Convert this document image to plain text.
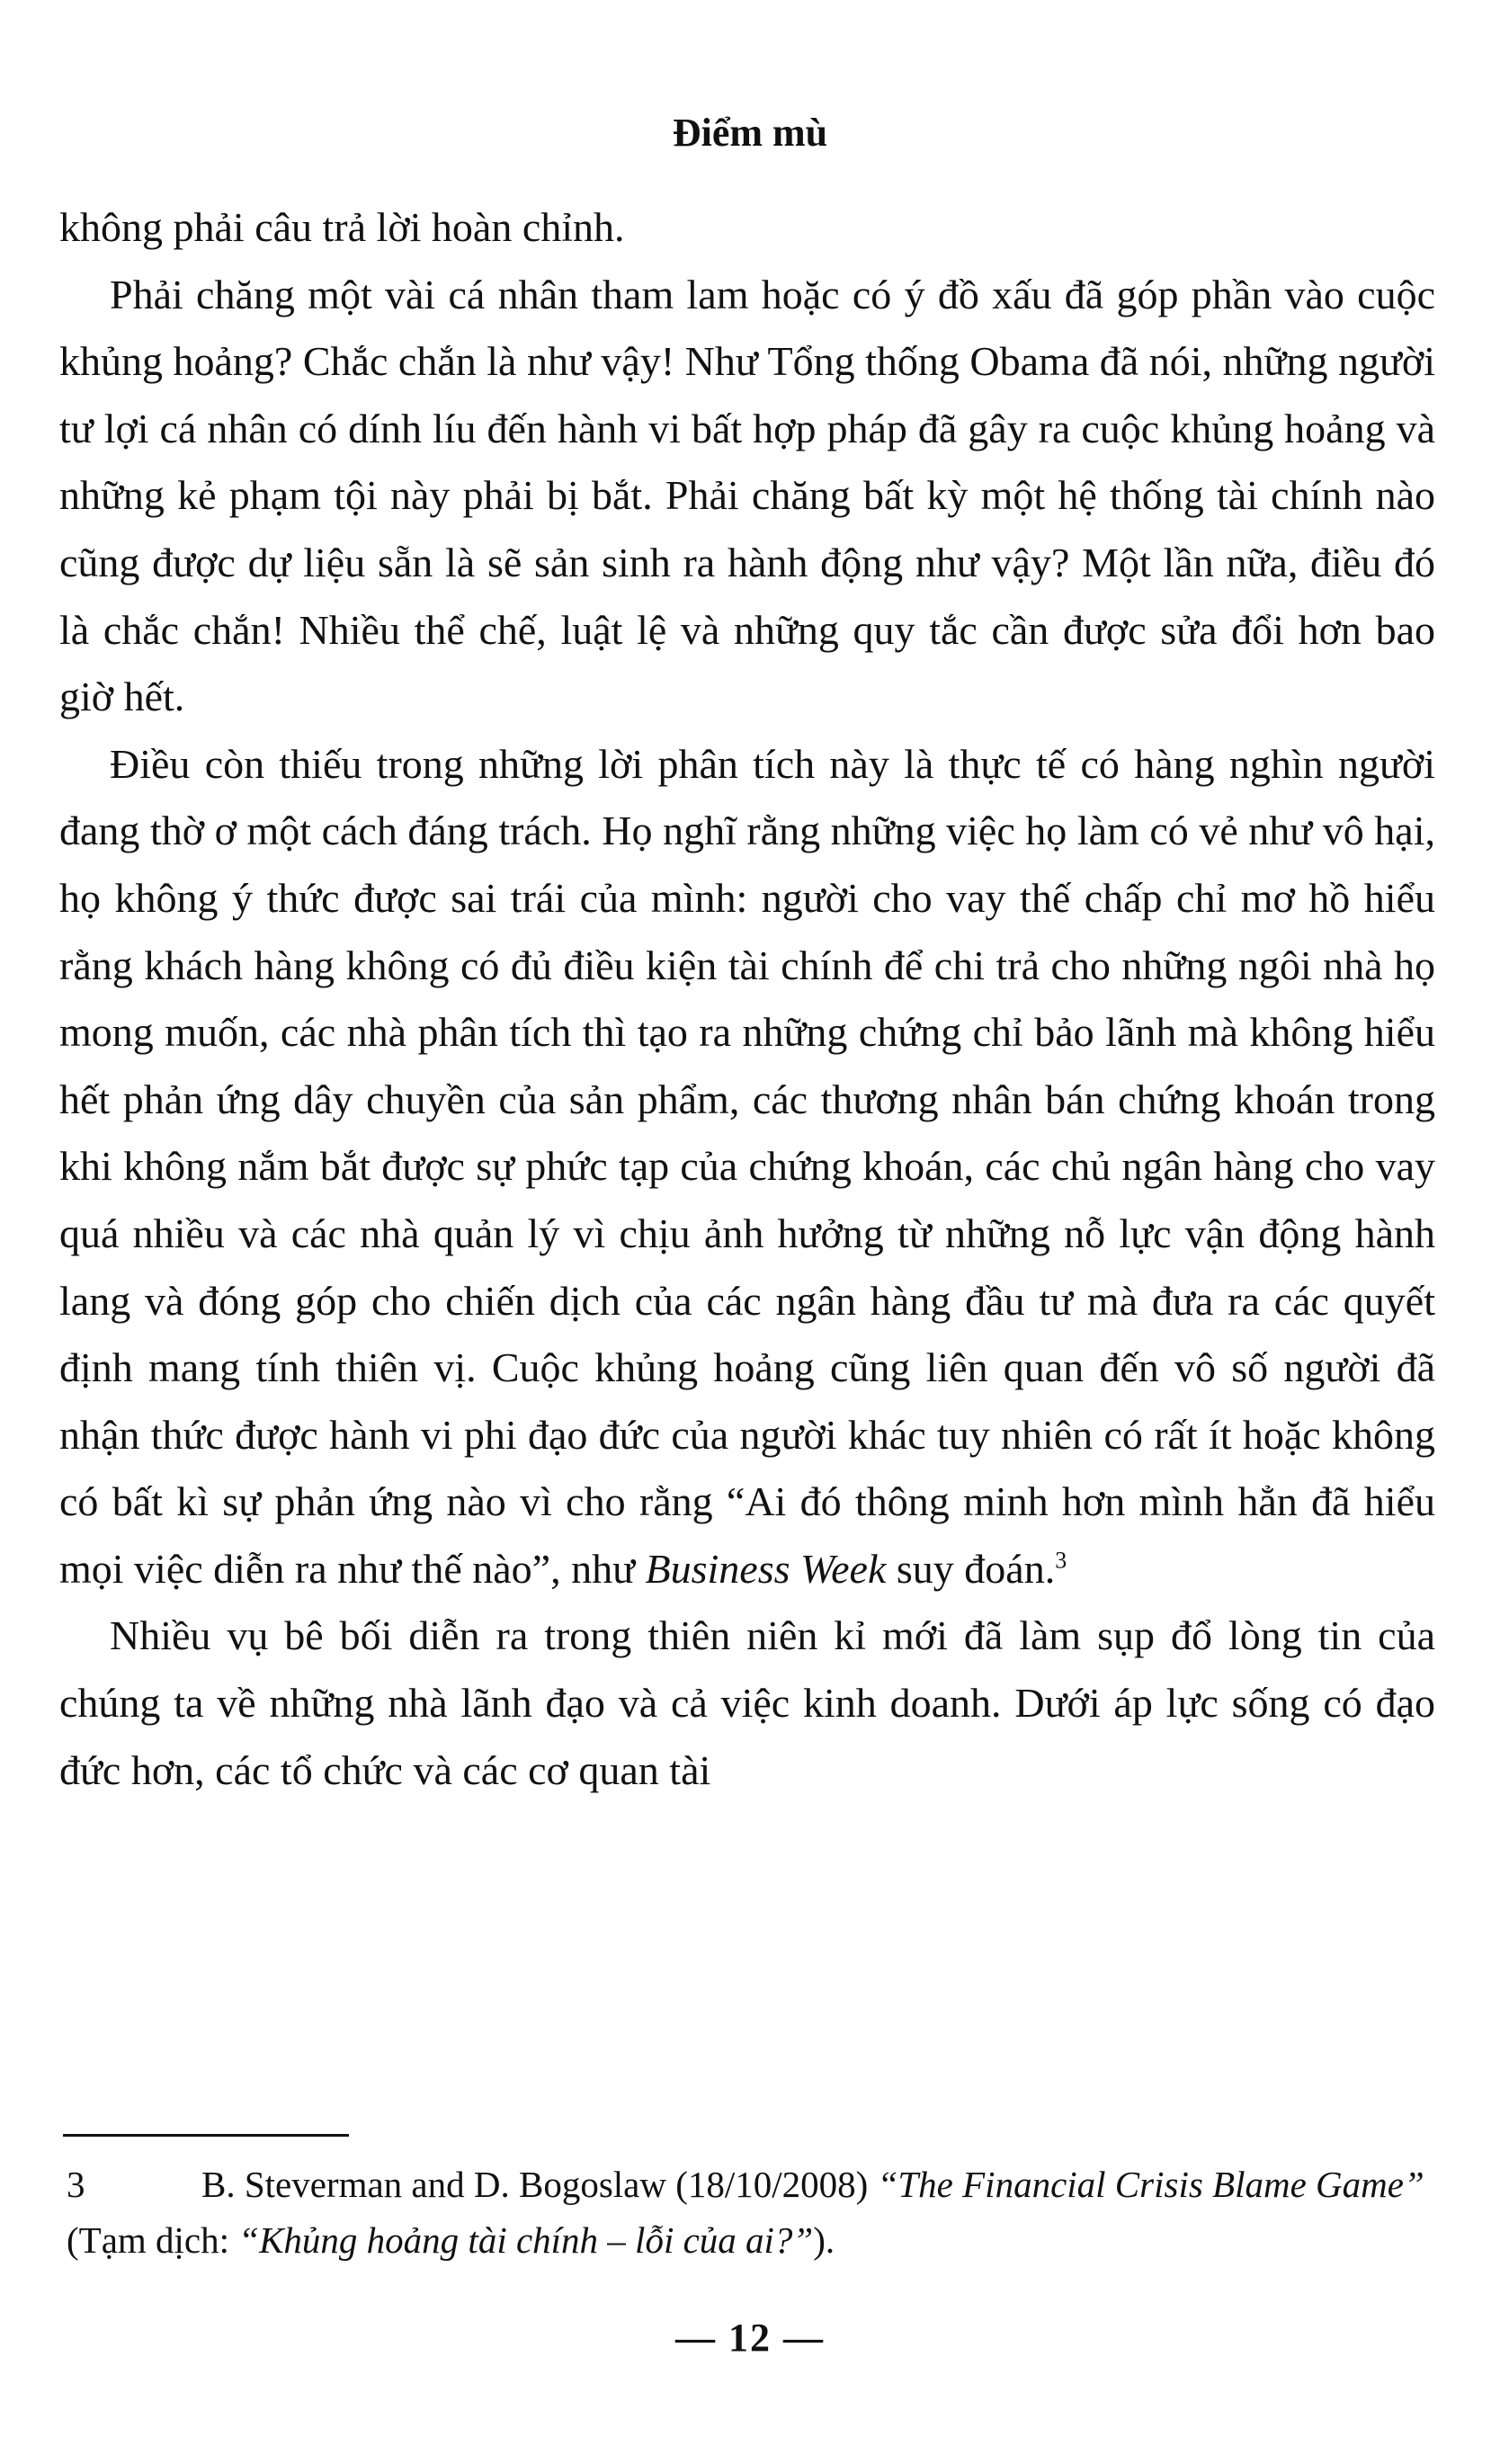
Điểm mù

không phải câu trả lời hoàn chỉnh.

Phải chăng một vài cá nhân tham lam hoặc có ý đồ xấu đã góp phần vào cuộc khủng hoảng? Chắc chắn là như vậy! Như Tổng thống Obama đã nói, những người tư lợi cá nhân có dính líu đến hành vi bất hợp pháp đã gây ra cuộc khủng hoảng và những kẻ phạm tội này phải bị bắt. Phải chăng bất kỳ một hệ thống tài chính nào cũng được dự liệu sẵn là sẽ sản sinh ra hành động như vậy? Một lần nữa, điều đó là chắc chắn! Nhiều thể chế, luật lệ và những quy tắc cần được sửa đổi hơn bao giờ hết.

Điều còn thiếu trong những lời phân tích này là thực tế có hàng nghìn người đang thờ ơ một cách đáng trách. Họ nghĩ rằng những việc họ làm có vẻ như vô hại, họ không ý thức được sai trái của mình: người cho vay thế chấp chỉ mơ hồ hiểu rằng khách hàng không có đủ điều kiện tài chính để chi trả cho những ngôi nhà họ mong muốn, các nhà phân tích thì tạo ra những chứng chỉ bảo lãnh mà không hiểu hết phản ứng dây chuyền của sản phẩm, các thương nhân bán chứng khoán trong khi không nắm bắt được sự phức tạp của chứng khoán, các chủ ngân hàng cho vay quá nhiều và các nhà quản lý vì chịu ảnh hưởng từ những nỗ lực vận động hành lang và đóng góp cho chiến dịch của các ngân hàng đầu tư mà đưa ra các quyết định mang tính thiên vị. Cuộc khủng hoảng cũng liên quan đến vô số người đã nhận thức được hành vi phi đạo đức của người khác tuy nhiên có rất ít hoặc không có bất kì sự phản ứng nào vì cho rằng “Ai đó thông minh hơn mình hẳn đã hiểu mọi việc diễn ra như thế nào”, như Business Week suy đoán.$^3$

Nhiều vụ bê bối diễn ra trong thiên niên kỉ mới đã làm sụp đổ lòng tin của chúng ta về những nhà lãnh đạo và cả việc kinh doanh. Dưới áp lực sống có đạo đức hơn, các tổ chức và các cơ quan tài

3	B. Steverman and D. Bogoslaw (18/10/2008) “The Financial Crisis Blame Game” (Tạm dịch: “Khủng hoảng tài chính – lỗi của ai?”).
— 12 —
